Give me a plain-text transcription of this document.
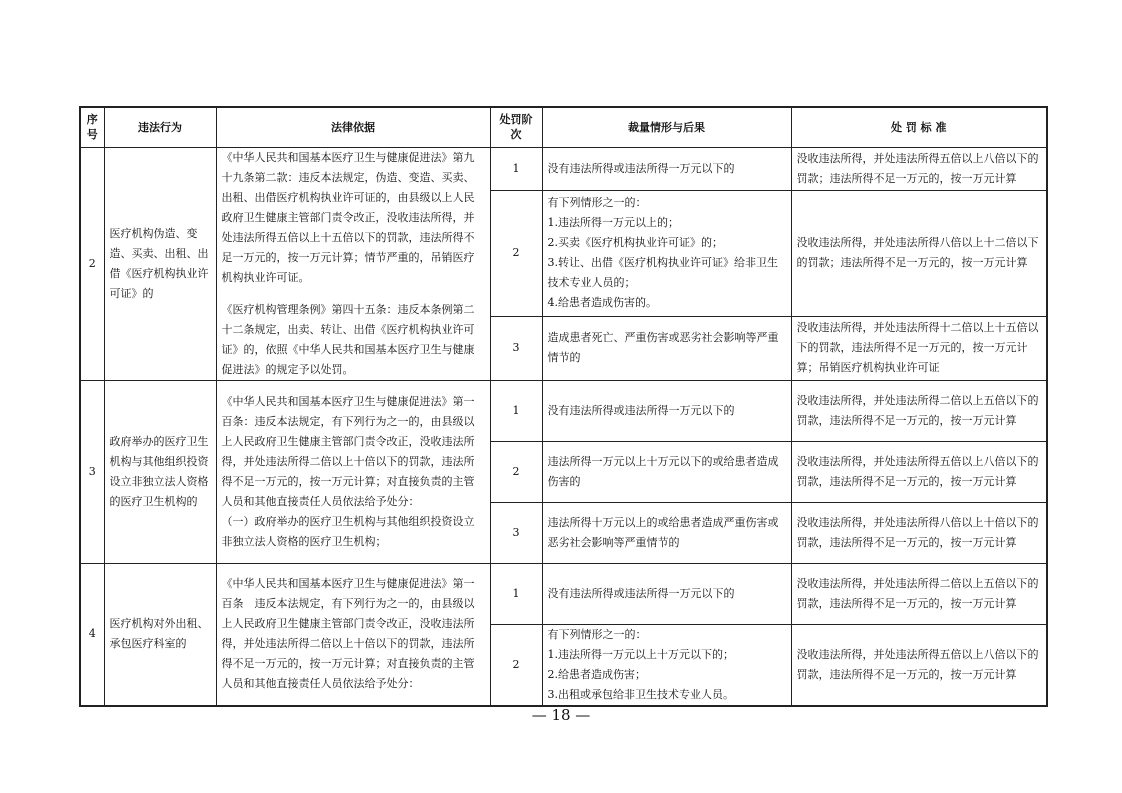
序号	违法行为	法律依据	处罚阶次	裁量情形与后果	处 罚 标 准
2	医疗机构伪造、变造、买卖、出租、出借《医疗机构执业许可证》的	《中华人民共和国基本医疗卫生与健康促进法》第九十九条第二款：违反本法规定，伪造、变造、买卖、出租、出借医疗机构执业许可证的，由县级以上人民政府卫生健康主管部门责令改正，没收违法所得，并处违法所得五倍以上十五倍以下的罚款，违法所得不足一万元的，按一万元计算；情节严重的，吊销医疗机构执业许可证。

《医疗机构管理条例》第四十五条：违反本条例第二十二条规定，出卖、转让、出借《医疗机构执业许可证》的，依照《中华人民共和国基本医疗卫生与健康促进法》的规定予以处罚。	1	没有违法所得或违法所得一万元以下的	没收违法所得，并处违法所得五倍以上八倍以下的罚款；违法所得不足一万元的，按一万元计算
			2	有下列情形之一的：

1.违法所得一万元以上的；

2.买卖《医疗机构执业许可证》的；

3.转让、出借《医疗机构执业许可证》给非卫生技术专业人员的；

4.给患者造成伤害的。	没收违法所得，并处违法所得八倍以上十二倍以下的罚款；违法所得不足一万元的，按一万元计算
			3	造成患者死亡、严重伤害或恶劣社会影响等严重情节的	没收违法所得，并处违法所得十二倍以上十五倍以下的罚款，违法所得不足一万元的，按一万元计算；吊销医疗机构执业许可证
3	政府举办的医疗卫生机构与其他组织投资设立非独立法人资格的医疗卫生机构的	《中华人民共和国基本医疗卫生与健康促进法》第一百条：违反本法规定，有下列行为之一的，由县级以上人民政府卫生健康主管部门责令改正，没收违法所得，并处违法所得二倍以上十倍以下的罚款，违法所得不足一万元的，按一万元计算；对直接负责的主管人员和其他直接责任人员依法给予处分：

（一）政府举办的医疗卫生机构与其他组织投资设立非独立法人资格的医疗卫生机构；	1	没有违法所得或违法所得一万元以下的	没收违法所得，并处违法所得二倍以上五倍以下的罚款，违法所得不足一万元的，按一万元计算
			2	违法所得一万元以上十万元以下的或给患者造成伤害的	没收违法所得，并处违法所得五倍以上八倍以下的罚款，违法所得不足一万元的，按一万元计算
			3	违法所得十万元以上的或给患者造成严重伤害或恶劣社会影响等严重情节的	没收违法所得，并处违法所得八倍以上十倍以下的罚款，违法所得不足一万元的，按一万元计算
4	医疗机构对外出租、承包医疗科室的	《中华人民共和国基本医疗卫生与健康促进法》第一百条　违反本法规定，有下列行为之一的，由县级以上人民政府卫生健康主管部门责令改正，没收违法所得，并处违法所得二倍以上十倍以下的罚款，违法所得不足一万元的，按一万元计算；对直接负责的主管人员和其他直接责任人员依法给予处分：	1	没有违法所得或违法所得一万元以下的	没收违法所得，并处违法所得二倍以上五倍以下的罚款，违法所得不足一万元的，按一万元计算
			2	有下列情形之一的：

1.违法所得一万元以上十万元以下的；

2.给患者造成伤害；

3.出租或承包给非卫生技术专业人员。	没收违法所得，并处违法所得五倍以上八倍以下的罚款，违法所得不足一万元的，按一万元计算
— 18 —
